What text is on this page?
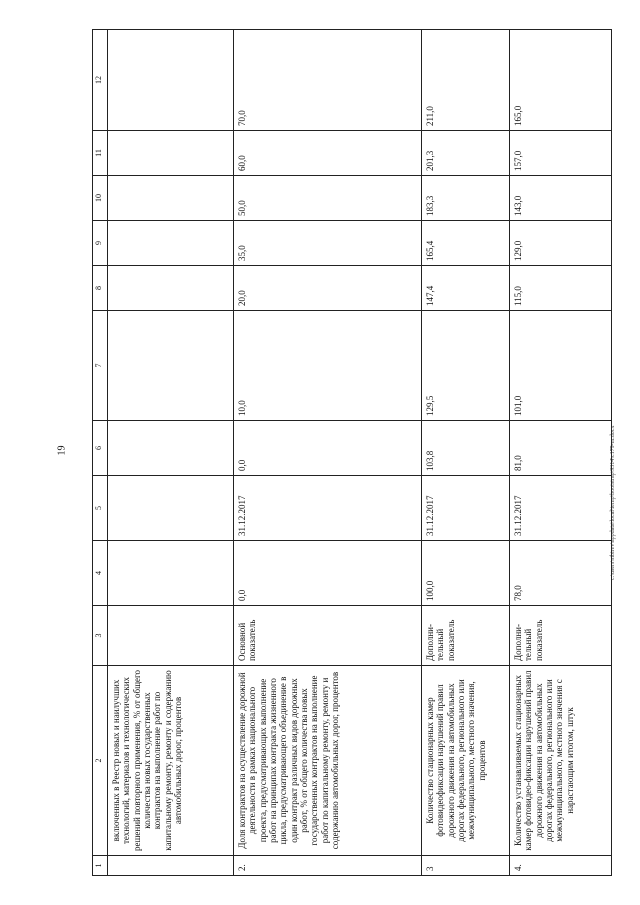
19	c:\users\sibirev\appdata\local\temp\bootstrap\9314\c179-m.docx
1	2	3	4	5	6	7	8	9	10	11	12
	включенных в Реестр новых и наилучших технологий, материалов и технологических решений повторного применения, % от общего количества новых государственных контрактов на выполнение работ по капитальному ремонту, ремонту и содержанию автомобильных дорог, процентов										
2.	Доля контрактов на осуществление дорожной деятельности в рамках национального проекта, предусматривающих выполнение работ на принципах контракта жизненного цикла, предусматривающего объединение в один контракт различных видов дорожных работ, % от общего количества новых государственных контрактов на выполнение работ по капитальному ремонту, ремонту и содержанию автомобильных дорог, процентов	Основной показатель	0,0	31.12.2017	0,0	10,0	20,0	35,0	50,0	60,0	70,0
3	Количество стационарных камер фотовидеофиксации нарушений правил дорожного движения на автомобильных дорогах федерального, регионального или межмуниципального, местного значения, процентов	Дополни-тельный показатель	100,0	31.12.2017	103,8	129,5	147,4	165,4	183,3	201,3	211,0
4.	Количество устанавливаемых стационарных камер фотовидео-фиксации нарушений правил дорожного движения на автомобильных дорогах федерального, регионального или межмуниципального, местного значения с нарастающим итогом, штук	Дополни-тельный показатель	78,0	31.12.2017	81,0	101,0	115,0	129,0	143,0	157,0	165,0
